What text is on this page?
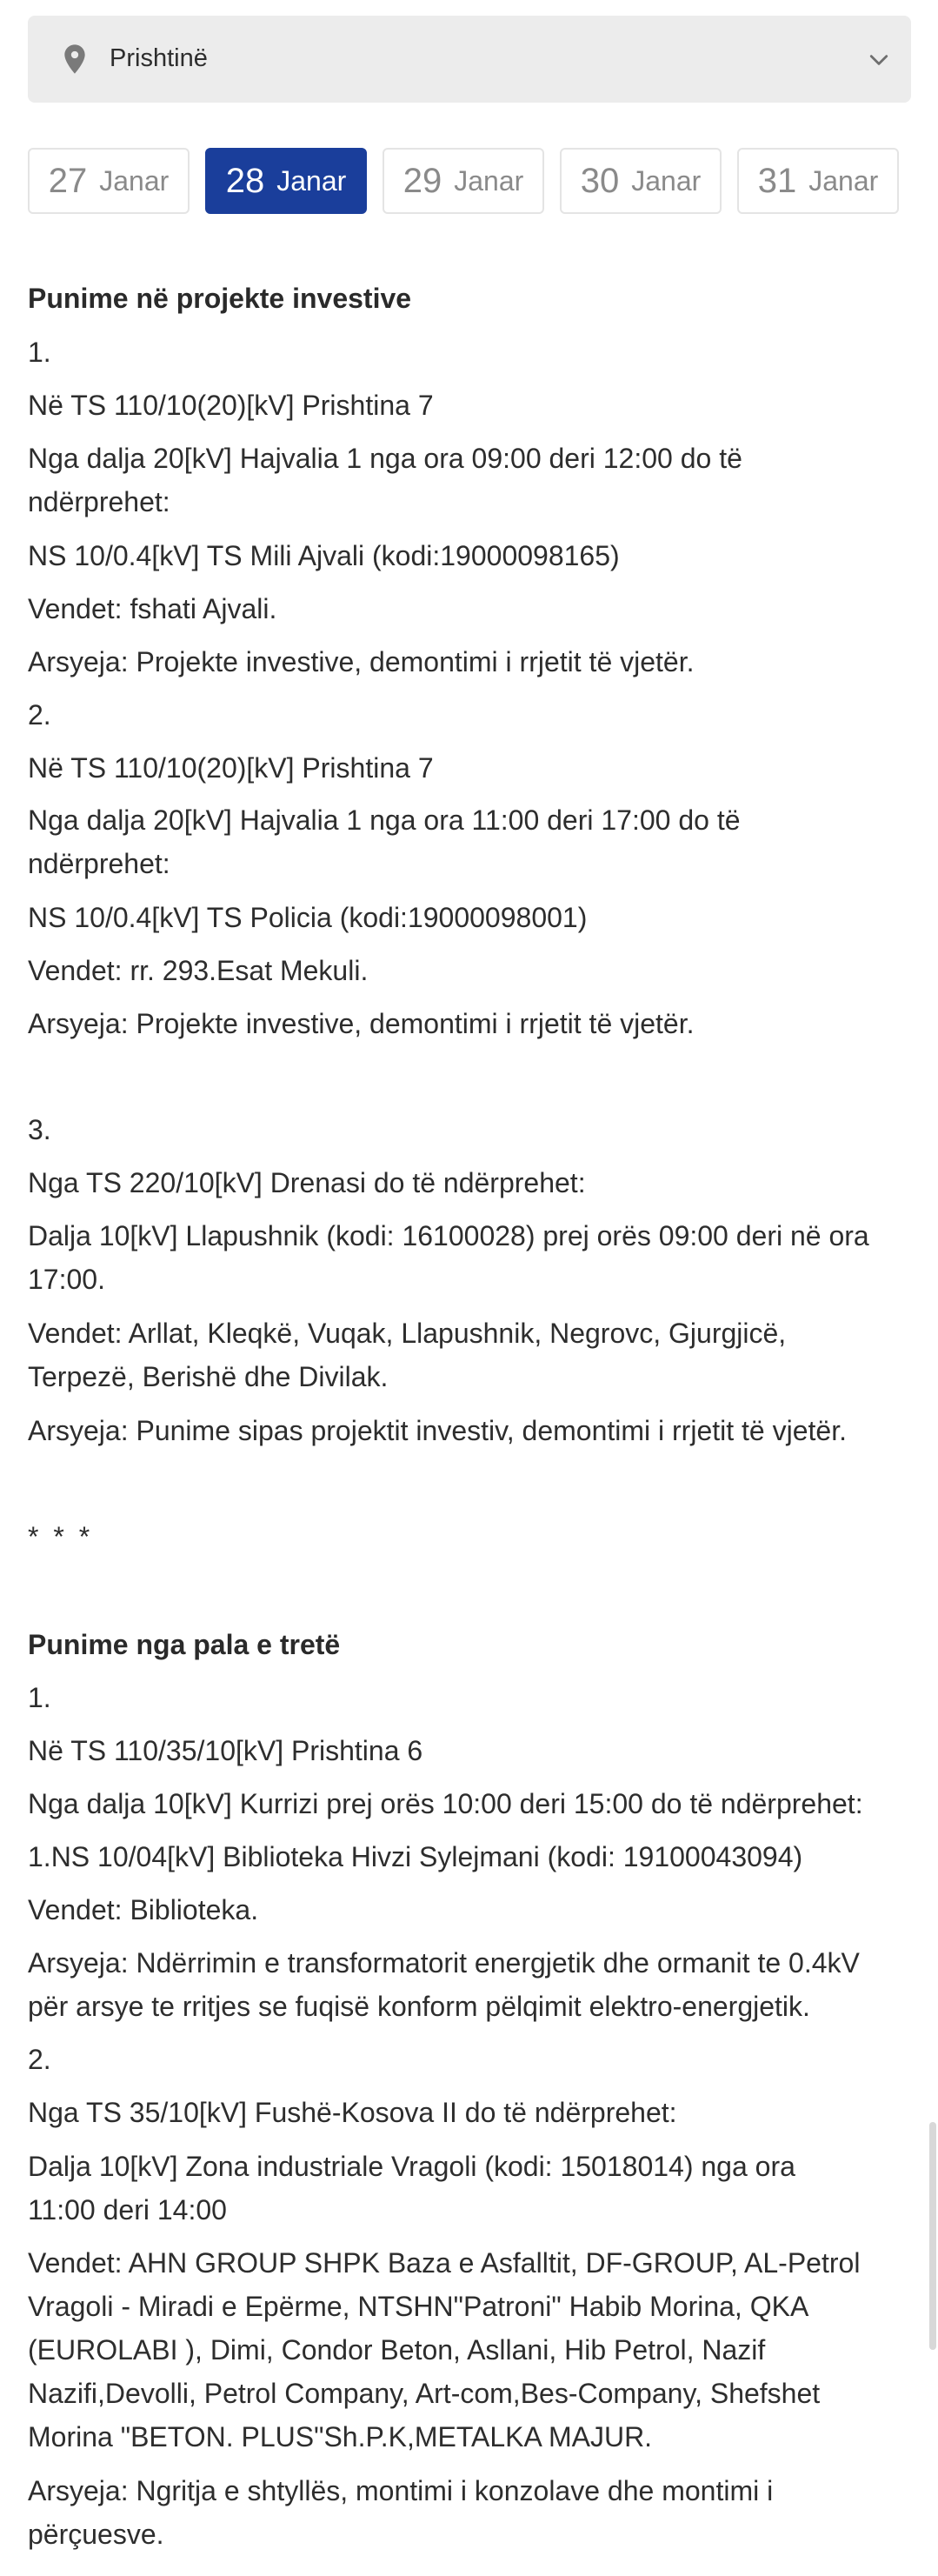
Prishtinë
27 Janar 28 Janar 29 Janar 30 Janar 31 Janar
Punime në projekte investive
1.
Në TS 110/10(20)[kV] Prishtina 7
Nga dalja 20[kV] Hajvalia 1 nga ora 09:00 deri 12:00 do të
ndërprehet:
NS 10/0.4[kV] TS Mili Ajvali (kodi:19000098165)
Vendet: fshati Ajvali.
Arsyeja: Projekte investive, demontimi i rrjetit të vjetër.
2.
Në TS 110/10(20)[kV] Prishtina 7
Nga dalja 20[kV] Hajvalia 1 nga ora 11:00 deri 17:00 do të
ndërprehet:
NS 10/0.4[kV] TS Policia (kodi:19000098001)
Vendet: rr. 293.Esat Mekuli.
Arsyeja: Projekte investive, demontimi i rrjetit të vjetër.
3.
Nga TS 220/10[kV] Drenasi do të ndërprehet:
Dalja 10[kV] Llapushnik (kodi: 16100028) prej orës 09:00 deri në ora
17:00.
Vendet: Arllat, Kleqkë, Vuqak, Llapushnik, Negrovc, Gjurgjicë,
Terpezë, Berishë dhe Divilak.
Arsyeja: Punime sipas projektit investiv, demontimi i rrjetit të vjetër.
* * *
Punime nga pala e tretë
1.
Në TS 110/35/10[kV] Prishtina 6
Nga dalja 10[kV] Kurrizi prej orës 10:00 deri 15:00 do të ndërprehet:
1.NS 10/04[kV] Biblioteka Hivzi Sylejmani (kodi: 19100043094)
Vendet: Biblioteka.
Arsyeja: Ndërrimin e transformatorit energjetik dhe ormanit te 0.4kV
për arsye te rritjes se fuqisë konform pëlqimit elektro-energjetik.
2.
Nga TS 35/10[kV] Fushë-Kosova II do të ndërprehet:
Dalja 10[kV] Zona industriale Vragoli (kodi: 15018014) nga ora
11:00 deri 14:00
Vendet: AHN GROUP SHPK Baza e Asfalltit, DF-GROUP, AL-Petrol
Vragoli - Miradi e Epërme, NTSHN"Patroni" Habib Morina, QKA
(EUROLABI ), Dimi, Condor Beton, Asllani, Hib Petrol, Nazif
Nazifi,Devolli, Petrol Company, Art-com,Bes-Company, Shefshet
Morina "BETON. PLUS"Sh.P.K,METALKA MAJUR.
Arsyeja: Ngritja e shtyllës, montimi i konzolave dhe montimi i
përçuesve.
